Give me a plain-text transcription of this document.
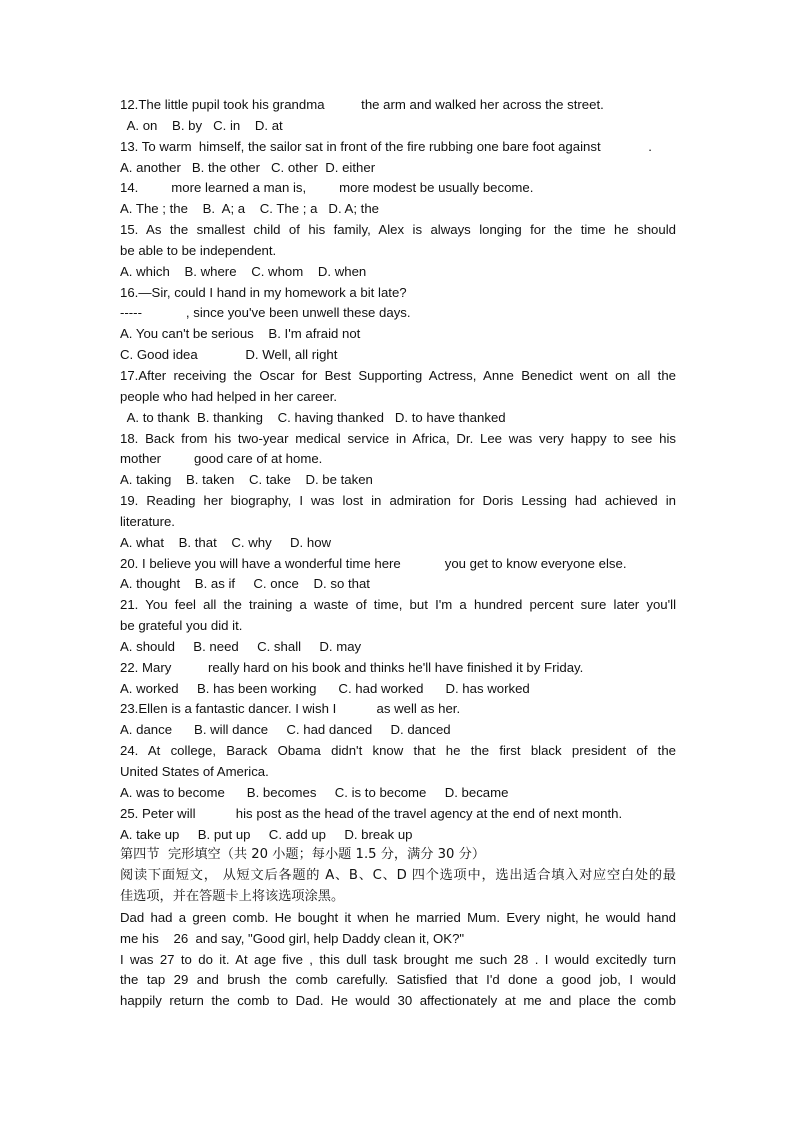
12.The little pupil took his grandma          the arm and walked her across the street.
A. on    B. by   C. in    D. at
13. To warm  himself, the sailor sat in front of the fire rubbing one bare foot against             .
A. another   B. the other   C. other  D. either
14.         more learned a man is,         more modest be usually become.
A. The ; the    B.  A; a    C. The ; a   D. A; the
15. As the smallest child of his family, Alex is always longing for the time he should
be able to be independent.
A. which    B. where    C. whom    D. when
16.—Sir, could I hand in my homework a bit late?
-----            , since you've been unwell these days.
A. You can't be serious    B. I'm afraid not
C. Good idea             D. Well, all right
17.After receiving the Oscar for Best Supporting Actress, Anne Benedict went on all the
people who had helped in her career.
A. to thank  B. thanking    C. having thanked   D. to have thanked
18. Back from his two-year medical service in Africa, Dr. Lee was very happy to see his
mother         good care of at home.
A. taking    B. taken    C. take    D. be taken
19. Reading her biography, I was lost in admiration for Doris Lessing had achieved in
literature.
A. what    B. that    C. why     D. how
20. I believe you will have a wonderful time here            you get to know everyone else.
A. thought    B. as if     C. once    D. so that
21. You feel all the training a waste of time, but I'm a hundred percent sure later you'll
be grateful you did it.
A. should     B. need     C. shall     D. may
22. Mary          really hard on his book and thinks he'll have finished it by Friday.
A. worked     B. has been working      C. had worked      D. has worked
23.Ellen is a fantastic dancer. I wish I           as well as her.
A. dance      B. will dance     C. had danced     D. danced
24. At college, Barack Obama didn't know that he the first black president of the
United States of America.
A. was to become      B. becomes     C. is to become     D. became
25. Peter will           his post as the head of the travel agency at the end of next month.
A. take up     B. put up     C. add up     D. break up
第四节  完形填空（共 20 小题；每小题 1.5 分，满分 30 分）
阅读下面短文， 从短文后各题的 A、B、C、D 四个选项中，选出适合填入对应空白处的最
佳选项，并在答题卡上将该选项涂黑。
Dad had a green comb. He bought it when he married Mum. Every night, he would hand
me his    26  and say, "Good girl, help Daddy clean it, OK?"
I was 27 to do it. At age five , this dull task brought me such 28 . I would excitedly turn
the tap 29 and brush the comb carefully. Satisfied that I'd done a good job, I would
happily return the comb to Dad. He would 30 affectionately at me and place the comb
